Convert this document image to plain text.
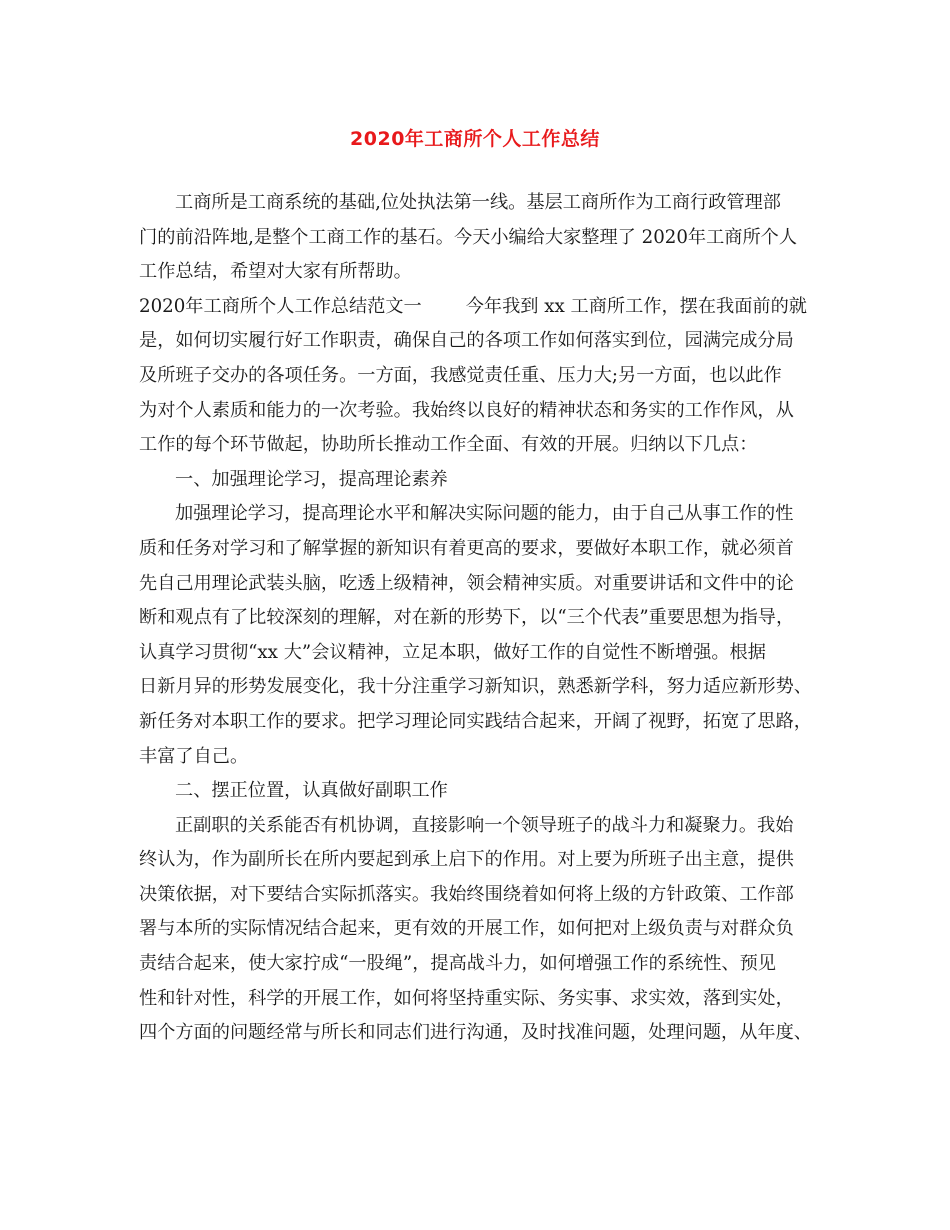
2020年工商所个人工作总结
工商所是工商系统的基础,位处执法第一线。基层工商所作为工商行政管理部
门的前沿阵地,是整个工商工作的基石。今天小编给大家整理了 2020年工商所个人
工作总结，希望对大家有所帮助。
2020年工商所个人工作总结范文一 今年我到 xx 工商所工作，摆在我面前的就
是，如何切实履行好工作职责，确保自己的各项工作如何落实到位，园满完成分局
及所班子交办的各项任务。一方面，我感觉责任重、压力大;另一方面，也以此作
为对个人素质和能力的一次考验。我始终以良好的精神状态和务实的工作作风，从
工作的每个环节做起，协助所长推动工作全面、有效的开展。归纳以下几点：
一、加强理论学习，提高理论素养
加强理论学习，提高理论水平和解决实际问题的能力，由于自己从事工作的性
质和任务对学习和了解掌握的新知识有着更高的要求，要做好本职工作，就必须首
先自己用理论武装头脑，吃透上级精神，领会精神实质。对重要讲话和文件中的论
断和观点有了比较深刻的理解，对在新的形势下，以“三个代表”重要思想为指导，
认真学习贯彻“xx 大”会议精神，立足本职，做好工作的自觉性不断增强。根据
日新月异的形势发展变化，我十分注重学习新知识，熟悉新学科，努力适应新形势、
新任务对本职工作的要求。把学习理论同实践结合起来，开阔了视野，拓宽了思路，
丰富了自己。
二、摆正位置，认真做好副职工作
正副职的关系能否有机协调，直接影响一个领导班子的战斗力和凝聚力。我始
终认为，作为副所长在所内要起到承上启下的作用。对上要为所班子出主意，提供
决策依据，对下要结合实际抓落实。我始终围绕着如何将上级的方针政策、工作部
署与本所的实际情况结合起来，更有效的开展工作，如何把对上级负责与对群众负
责结合起来，使大家拧成“一股绳”，提高战斗力，如何增强工作的系统性、预见
性和针对性，科学的开展工作，如何将坚持重实际、务实事、求实效，落到实处，
四个方面的问题经常与所长和同志们进行沟通，及时找准问题，处理问题，从年度、
